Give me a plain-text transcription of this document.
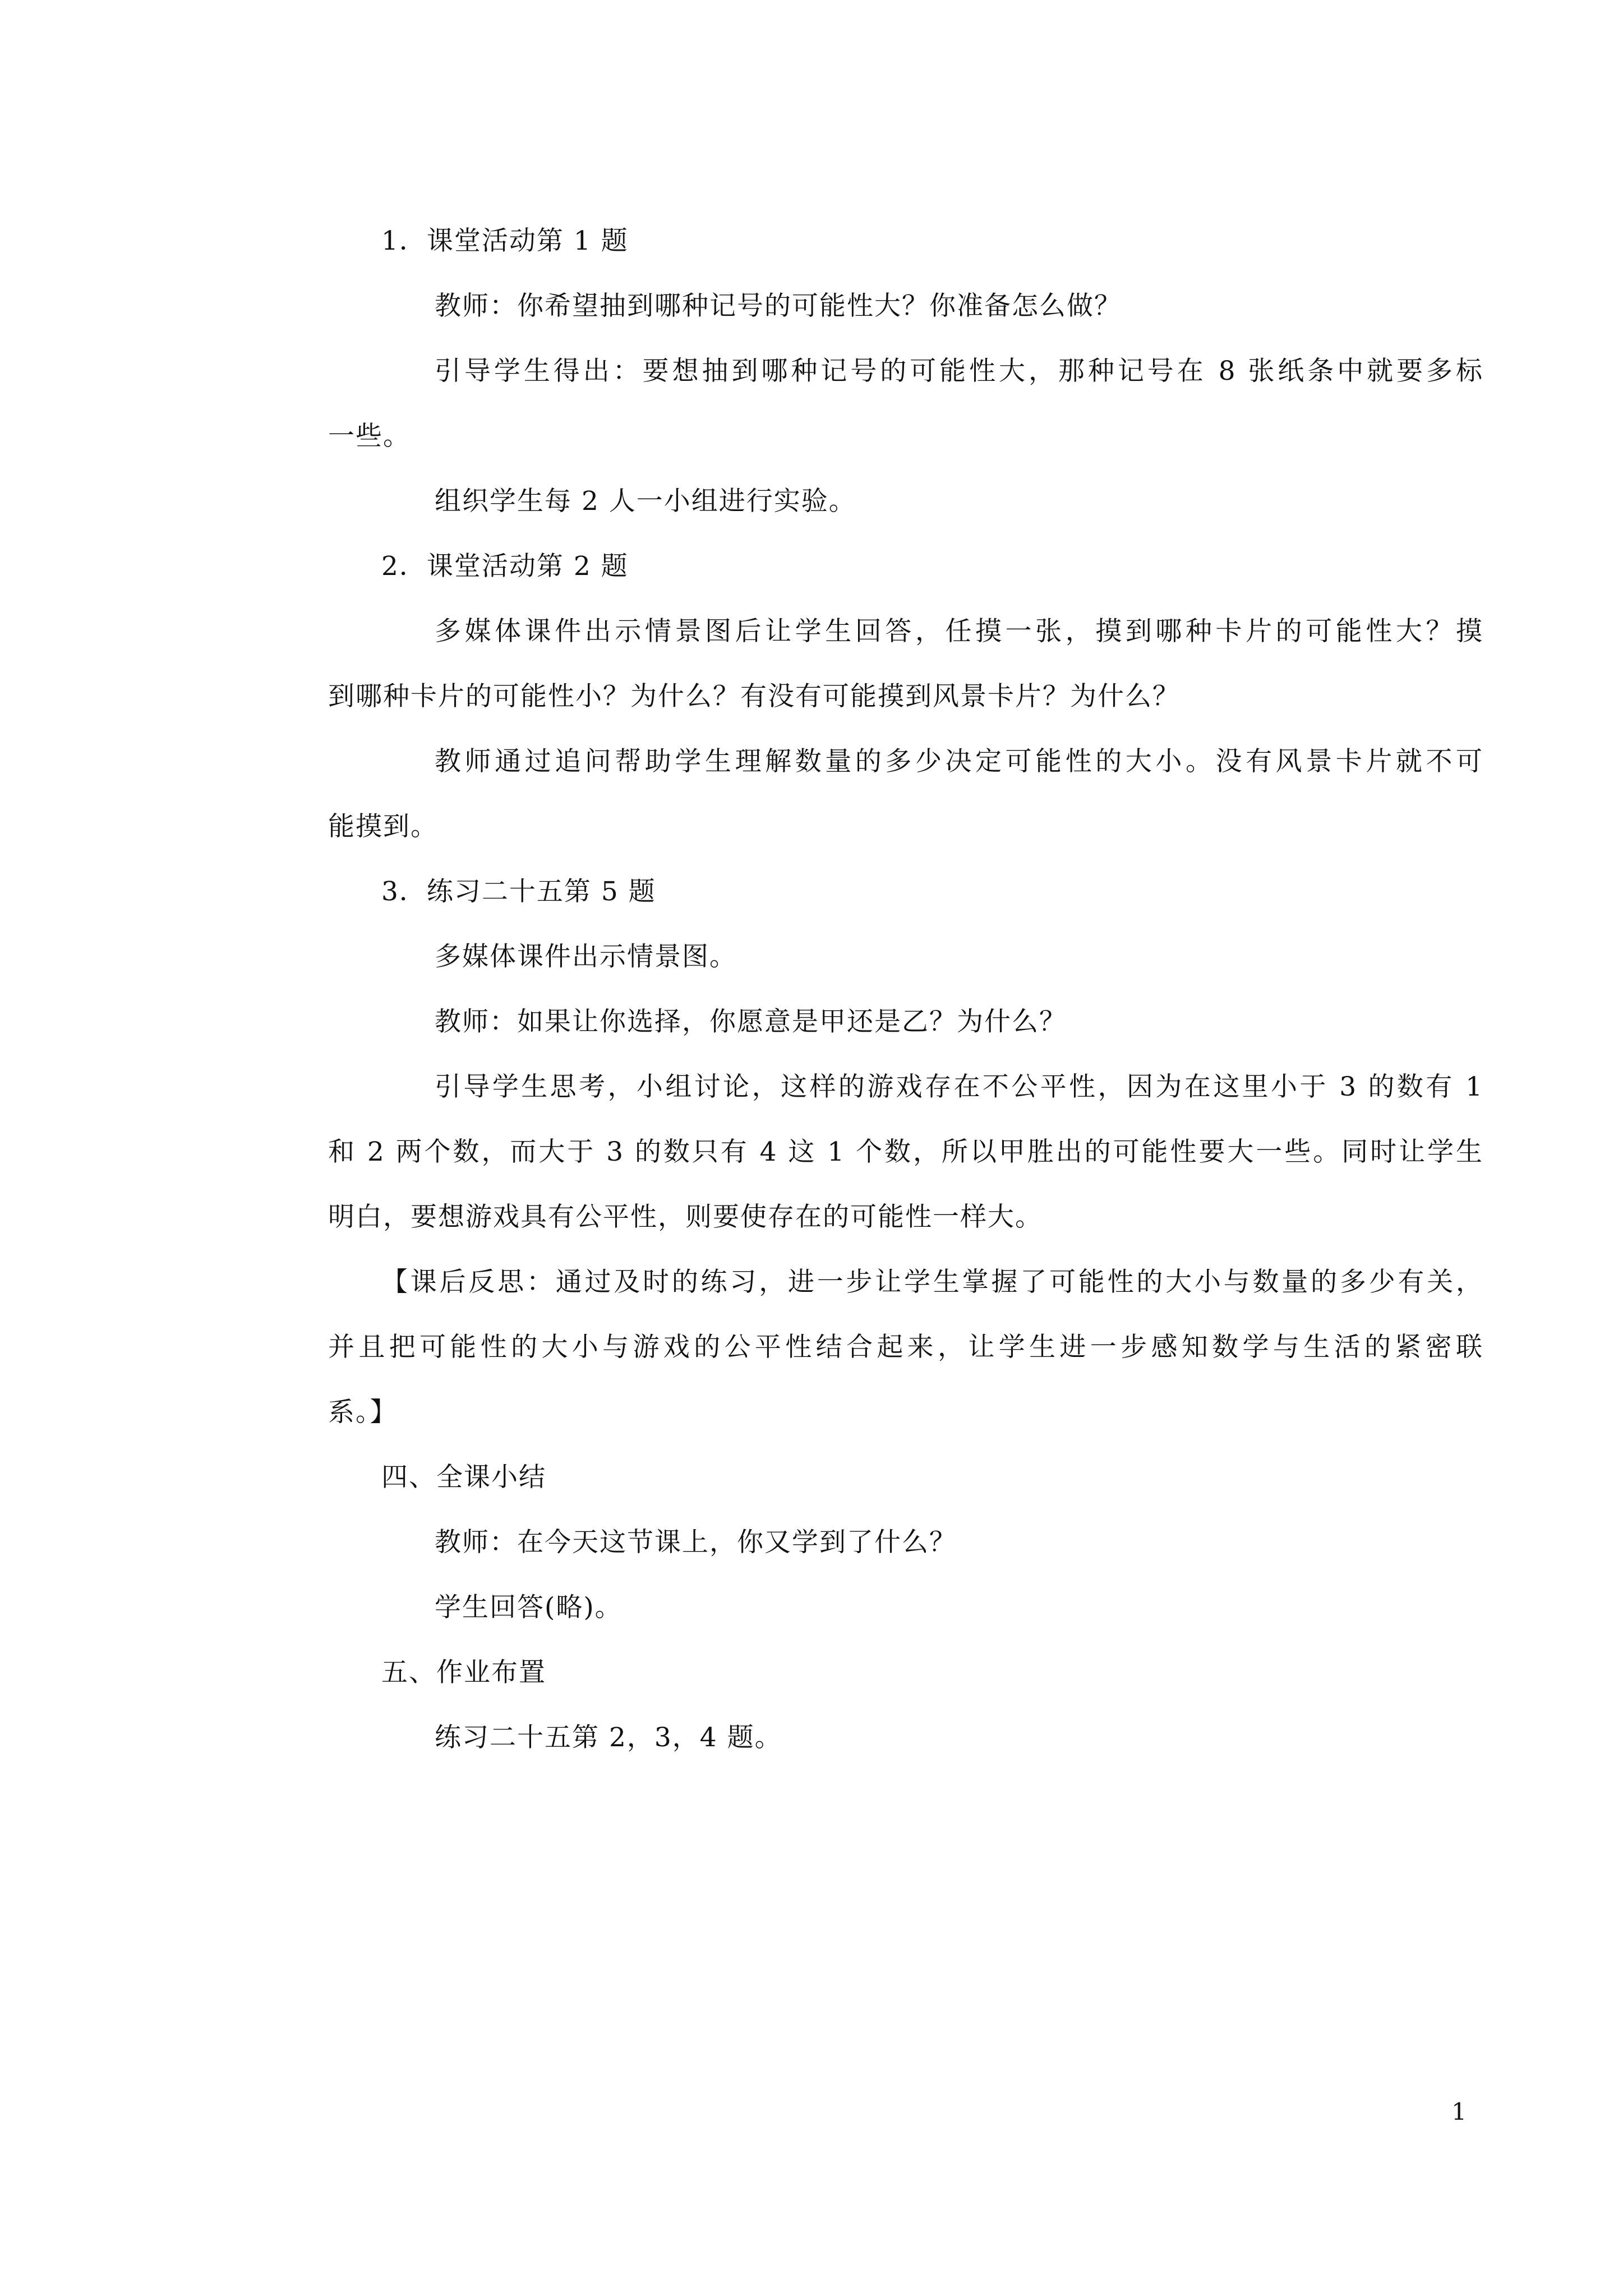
1．课堂活动第 1 题

教师：你希望抽到哪种记号的可能性大？你准备怎么做？

引导学生得出：要想抽到哪种记号的可能性大，那种记号在 8 张纸条中就要多标

一些。

组织学生每 2 人一小组进行实验。

2．课堂活动第 2 题

多媒体课件出示情景图后让学生回答，任摸一张，摸到哪种卡片的可能性大？摸

到哪种卡片的可能性小？为什么？有没有可能摸到风景卡片？为什么？

教师通过追问帮助学生理解数量的多少决定可能性的大小。没有风景卡片就不可

能摸到。

3．练习二十五第 5 题

多媒体课件出示情景图。

教师：如果让你选择，你愿意是甲还是乙？为什么？

引导学生思考，小组讨论，这样的游戏存在不公平性，因为在这里小于 3 的数有 1

和 2 两个数，而大于 3 的数只有 4 这 1 个数，所以甲胜出的可能性要大一些。同时让学生

明白，要想游戏具有公平性，则要使存在的可能性一样大。

【课后反思：通过及时的练习，进一步让学生掌握了可能性的大小与数量的多少有关，

并且把可能性的大小与游戏的公平性结合起来，让学生进一步感知数学与生活的紧密联

系。】

四、全课小结

教师：在今天这节课上，你又学到了什么？

学生回答(略)。

五、作业布置

练习二十五第 2，3，4 题。

1
